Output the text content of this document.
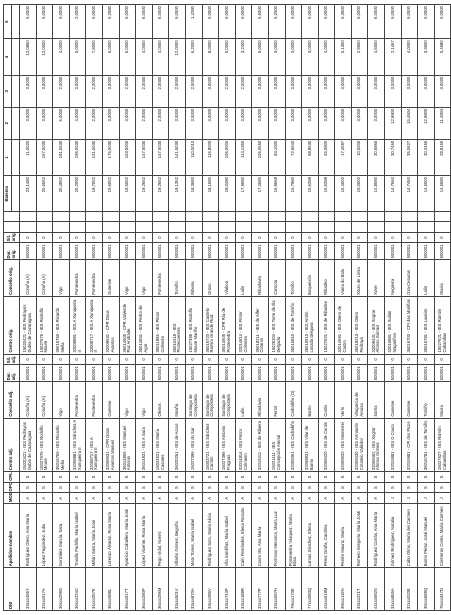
DNI	Apellidos-nombre	MOD	OPC	OPL	Centro adj.	Concello adj.	Dur. adj.	Sit. adj.	Centro orig.	Concello orig.	Dur. orig.	Sit. orig.			Baremo	1	2	3	4	5

33xxx456Y	Rodríguez Otero, Ana María	A	S	S	15020421 - IES Pedrayos Dubia de Cazaragaia	Coruña (A)	500001	0	15020421 - IES Pedrayos Dubia de Cazaragaia	Coruña (A)	500001	0			23,1480	11,0020	3,0000	3,0000	12,0860	6,0000
32xxx017A	López Fagúndez, Julia	A	S	S	15027576 - IES Rodolfo Moure	Coruña (A)	500001	0	15027576 - IES Rodolfo Moure	Coruña (A)	500001	0			20,6552	167,5030	3,0000	3,0000	12,0000	6,0000
36xxx299G	González García, Sara	A	S	S	36016760 - IES Ricardo Mella	Vigo	500001	0	36016760 - IES Ricardo Mella	Vigo	500001	0			20,4952	191,5530	6,0000	2,0000	4,0000	6,0000
36xxx224C	Trasillo Padrillo, María Isabel	A	S	S	32008881 - IES Sánchez A Xunqueira II	Pontevedra	500001	0	32008881 - IES A Xunqueira II	Pontevedra	500001	0			20,2090	195,5030	4,0000	3,0000	5,0000	2,0000
34xxx257K	Millán Sierra, María José	A	S	S	32008717 - IES A Xunqueira II	Pontevedra	500001	0	32008717 - IES A Xunqueira II	Pontevedra	500001	0			19,7052	131,5030	2,0000	2,0000	7,8000	6,0000
36xxx588L	Lorenzo Álvarez, Rosa María	A	S	S	32009531 - CPR Dous Avantos Manuel	Ourense	500001	0	32009531 - CPR Dous Avantos	Ourense	500001	0			19,6052	176,5030	3,0000	3,0000	6,0000	6,2580
36xxx017T	Aparicio Caballero, María José	A	S	S	36014805 - IES Manuel Antonio	Vigo	500001	0	36014605 - CPR Valverde Paz Andrade	Vigo	500001	0			19,6052	153,5000	3,0000	2,0000	6,0000	6,0000
36xxx290P	López Vicente, Rosa María	A	S	S	36014831 - IES A Guía	Vigo	500001	0	36014831 - IES Pedro de Agar	Vigo	500001	0			19,2652	147,5030	2,0000	2,0000	4,0000	6,0000
36xxx296M	Pego Vidal, Noemí	A	S	S	15024521 - IES María Casares	Oleiros	500001	0	36011855 - IES Pintor Colmeiro	Pontevedra	500001	0			19,2652	147,5030	2,0000	2,0000	4,0000	6,0000
33xxx501V	Villalón Gómez, Begoña	A	S	S	36020261 - IES de Arcos	Moaña	500001	0	36010418 - IES Pontecarreira	Tomiño	500001	0			19,1352	141,5030	3,0000	2,0000	12,0000	6,0000
33xxx870A	Mato Torres, María Isabel	A	S	S	15027396 - IES do Sar	Santiago de Compostela	500001	0	15027396 - IES Rodolfo Moure Mariño	Ribeira	500001	0			18,3680	110,0010	3,0000	2,0000	6,2000	1,4280
33xxx286V	Rodríguez Soto, María Alicia	A	S	S	15003721 - IES Sánchez Cantón	Santiago de Compostela	500001	0	36016720 - IES Castelo Ramiro Grande Ruiz	Oroso	500001	0			18,1680	116,8000	3,0000	3,0000	8,0000	6,0000
33xxx744P	Vila Sardiñas, María Isabel	A	S	S	15027396 - IES Antonio Fraguas	Santiago de Compostela	500001	0	36014605 - CPR Ría de Pontevedra	Vilaboa	500001	0			18,0480	106,0000	3,0000	2,0000	6,0000	6,0000
33xxx188R	Caín Fernández, Elena Rosario	A	S	S	32014814 - IES Pintor Colmeiro	Lalín	500001	0	32014814 - IES Pintor Colmeiro	Lalín	500001	0			17,9680	114,1350	3,0000	2,0000	3,2400	6,0000
32xxx777P	Couto Mo, Ana María	A	S	S	32015211 - IES de Ribeira	Ribadavia	500001	0	36018211 - IES de Alfer Cotanto	Ribadavia	500001	0			17,4680	105,0650	3,0000	3,0000	5,0000	6,6000
33xxx057H	Formoso Menorca, María Luz	A	S	S	15021111 - IES Concepción Arenal	Ferrol	500001	0	15026204 - IES Torre de Illa Delgada	Carnota	500001	0			16,9568	83,1000	3,0000	3,0000	3,0000	6,2500
79xxx170E	Pontevedra Vázquez, María Elisa	A	S	S	32009361 - IES Carballiño	Carballiño (O)	500001	0	36016810 - IES de Tomiño	Tomiño	500001	0			15,7980	72,6540	3,0000	3,0000	3,0000	6,0000
77xxx083Q	Lamas Sánchez, Elena	A	S	S	32008831 - IES Vilar de Barrio	Barrio	500001	0	36015510 - IES Antón Losada Diéguez	Boqueixón	500001	0			15,6298	58,8630	3,0000	3,0000	3,0000	6,0000
44xxx019M	Pérez Graña, Carolina	A	S	S	32009420 - IES de Cuntis	Cuntis	500001	0	15027621 - IES de Ribadeo	Ribadeo	500001	0			15,5298	45,0800	3,0000	3,0000	4,0000	6,0000
39xxx119N	Pertén Mauriz, María	A	S	S	32009620 - IES Monterrei	Verín	500001	0	32014691 - IES Otero de Castro	Viana do Bolo	500001	0			15,4600	17,4697	3,0000	3,0000	5,1300	6,3500
33xxx221T	Romero Gregorio, María José	A	S	S	32009430 - IES Armando Cotarelo Valledor	Vilagarcía de Arousa	500001	0	36018213 - IES Otero Pedrayo	Xinzo de Limia	500001	0			15,0600	10,0000	3,0000	3,0000	2,9600	6,0000
44xxx592N	Rodríguez Currás, Ana María	A	S	S	32009462 - IES Xograr Afonso Gómez	Sarria	500001	0	32009431 - IES Xograr Afonso Gómez	Xove	500001	0			14,8590	30,6860	3,0000	3,0000	4,6000	6,0000
34xxx855A	Gómez Rodríguez, Natalia	J	S	S	32015881 - IES O Couto	Ourense	500001	0	32015881 - IES Xulián Magariños	Negreira	500001	0			14,7660	30,7460	12,9900	3,0000	2,1467	6,0000
32xxx020E	Cabo Olmo, María del Carmen	J	S	S	32015981 - CPI dos Picos	Ourense	500001	0	36016700 - CPI das Mariñas	Oza-Cesuras	500001	0			14,7460	35,0627	15,4604	3,0000	4,0000	6,0000
39xxx689Q	Barrio Pérez, José Manuel	J	S	S	36016781 - IES de Tomiño	Tomiño	500001	0	36016781 - IES Laxeiro	Lalín	500001	0			14,6000	30,2465	12,9900	3,0000	3,3600	6,0000
76xxx347D	Contreras Cores, María Carmen	J	S	S	15027627 - IES Ramón Cabanillas	Muxía	500001	0	15027621 - IES Ramón Cabanillas	Muxía	500001	0			14,5580	28,8160	11,4904	3,0000	5,4580	6,0000
